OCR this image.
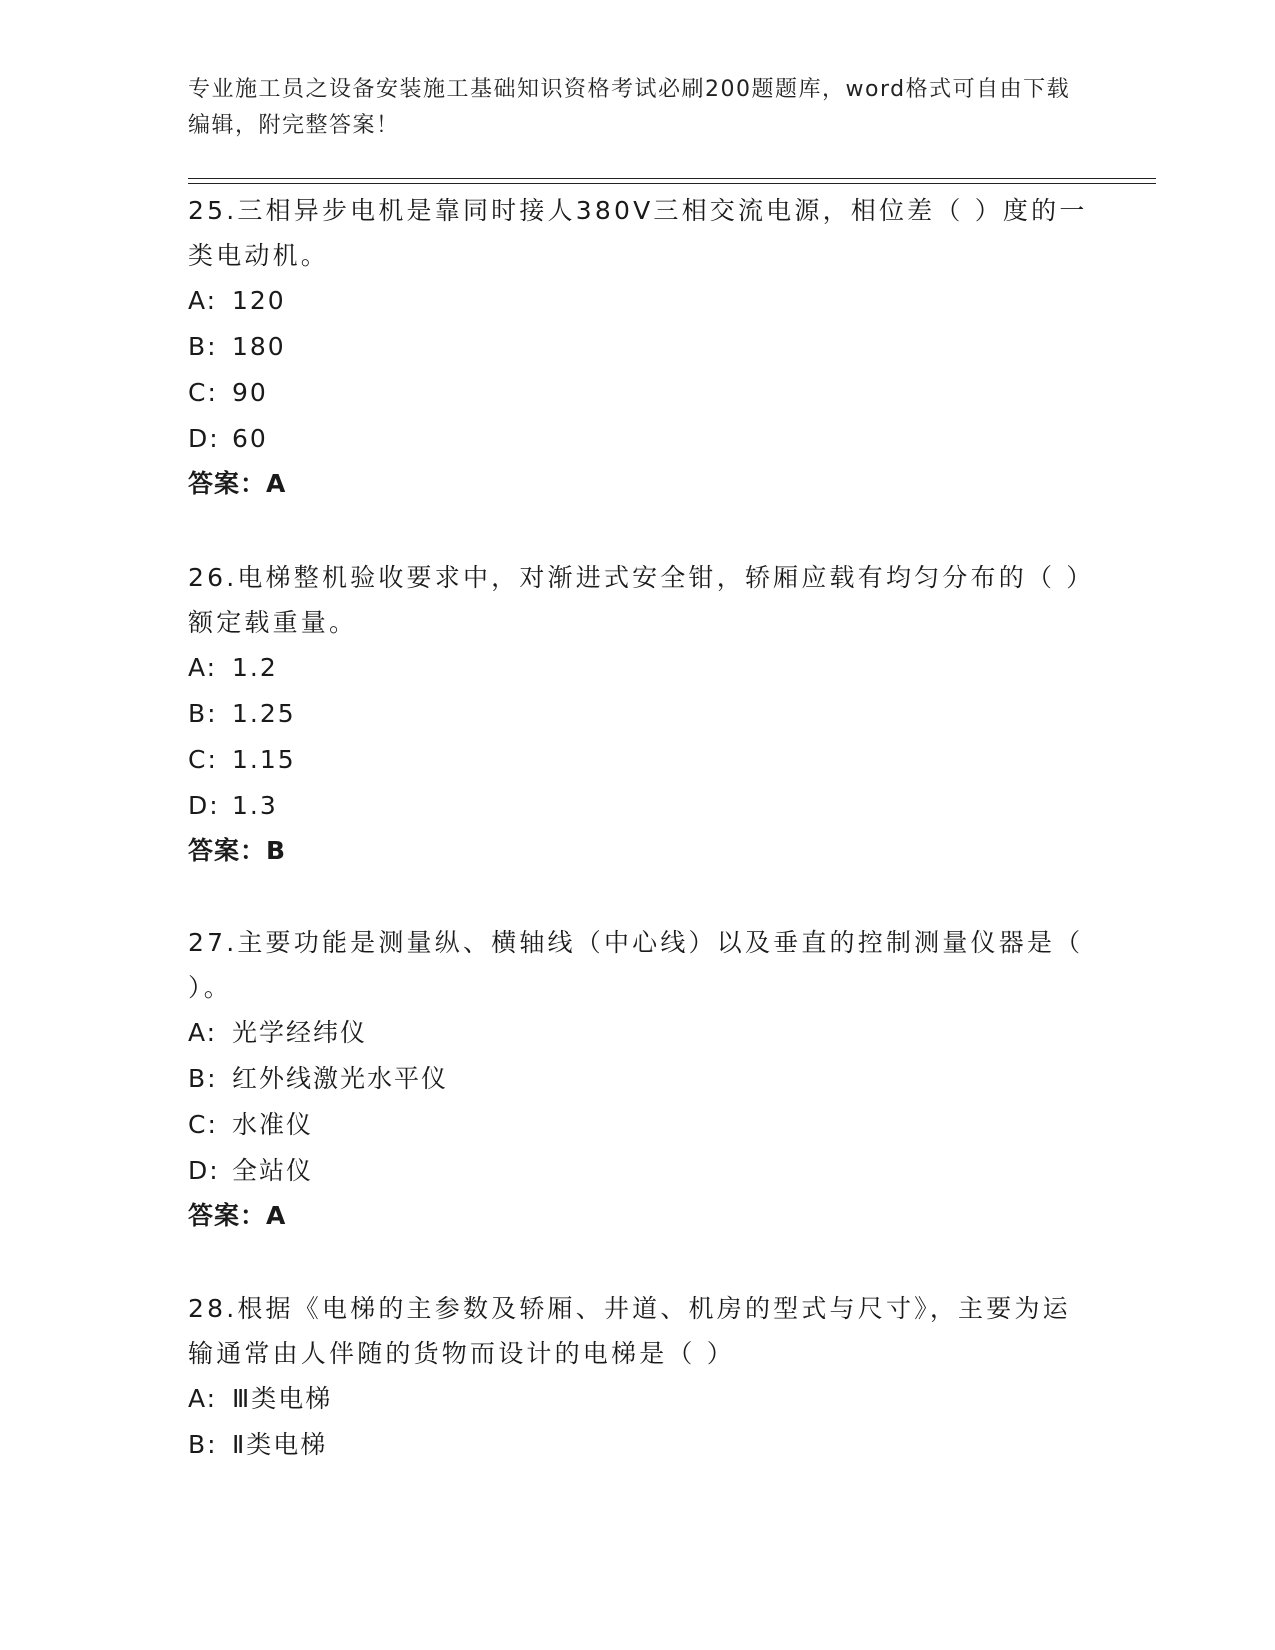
专业施工员之设备安装施工基础知识资格考试必刷200题题库，word格式可自由下载编辑，附完整答案！

25.三相异步电机是靠同时接人380V三相交流电源，相位差（ ）度的一类电动机。

A: 120

B: 180

C: 90

D: 60

答案：A

26.电梯整机验收要求中，对渐进式安全钳，轿厢应载有均匀分布的（ ）额定载重量。

A: 1.2

B: 1.25

C: 1.15

D: 1.3

答案：B

27.主要功能是测量纵、横轴线（中心线）以及垂直的控制测量仪器是（ ）。

A: 光学经纬仪

B: 红外线激光水平仪

C: 水准仪

D: 全站仪

答案：A

28.根据《电梯的主参数及轿厢、井道、机房的型式与尺寸》，主要为运输通常由人伴随的货物而设计的电梯是（ ）

A: Ⅲ类电梯

B: Ⅱ类电梯
